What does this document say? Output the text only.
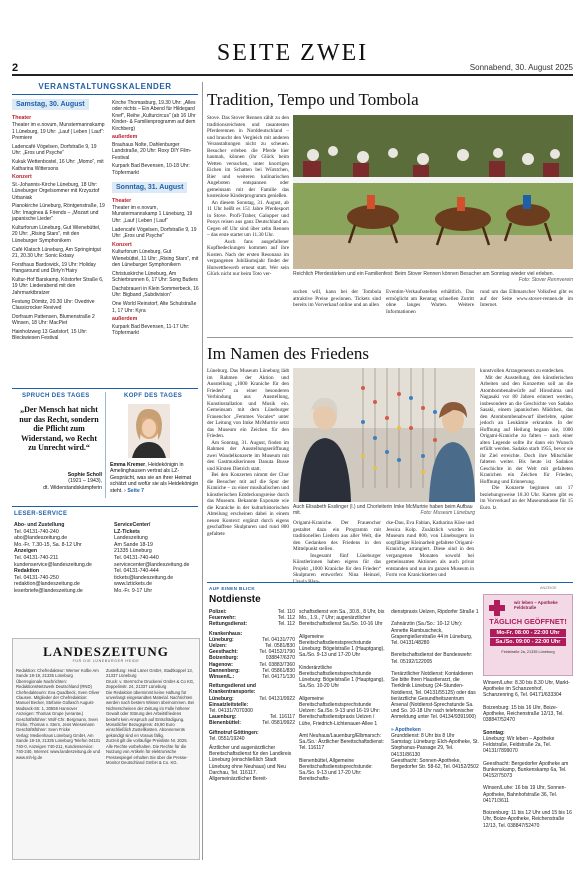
SEITE ZWEI
2	Sonnabend, 30. August 2025
VERANSTALTUNGSKALENDER
Samstag, 30. August
Theater

Theater im e.novum, Munstermannskamp 1 Lüneburg, 19 Uhr: „Lauf | Leben | Lauf“: Premiere

Ladencafé Vögelsen, Dorfstraße 9, 19 Uhr: „Eros und Psyche“

Kukuk Wettenbostel, 16 Uhr: „Momo“, mit Katharina Wittersons

Konzert

St.-Johannis-Kirche Lüneburg, 18 Uhr: Lüneburger Orgelsommer mit Krzysztof Urbaniak

Pianokirche Lüneburg, Röntgenstraße, 19 Uhr: Imaginea & Friends – „Mozart und japanische Lieder“

Kulturforum Lüneburg, Gut Wienebüttel, 20 Uhr: „Rising Stars“, mit den Lüneburger Symphonikern

Café Klatsch Lüneburg, Am Springintgut 21, 20.30 Uhr: Sonic Extasy

Forsthaus Bardowick, 19 Uhr: Holiday Hangaround und Dirty'n'Hairy

Kultur-Hof Barskamp, Köstorfer Straße 6, 19 Uhr: Liederabend mit den Jahrmarktbratzer

Festung Dömitz, 20.30 Uhr: Ovedrive Classicrocker Revived

Dorfraum Pattensen, Blumenstraße 2 Winsen, 18 Uhr: MacPiet

Hainholzweg 13 Garlstorf, 15 Uhr: Bleckwiesen Festival

Kirche Thomasburg, 19.30 Uhr: „Alles oder nichts – Ein Abend für Hildegard Knef“, Reihe „Kulturcircus“ (ab 16 Uhr Kinder- & Familienprogramm auf dem Kirchberg)

außerdem

Brauhaus Nolte, Dahlenburger Landstraße, 20 Uhr: Roxy DIY Film-Festival

Kurpark Bad Bevensen, 10-18 Uhr: Töpfermarkt

Sonntag, 31. August
Theater

Theater im e.novum, Munstermannskamp 1 Lüneburg, 19 Uhr: „Lauf | Leben | Lauf“

Ladencafé Vögelsen, Dorfstraße 9, 19 Uhr: „Eros und Psyche“

Konzert

Kulturforum Lüneburg, Gut Wienebüttel, 11 Uhr: „Rising Stars“, mit den Lüneburger Symphonikern

Christuskirche Lüneburg, Am Schierbrunnen 6, 17 Uhr: Song Butlers

Dachsbraueri in Klein Sommerbeck, 16 Uhr: Bigband „Subdivision“

One World Reinstorf, Alte Schulstraße 1, 17 Uhr: Kyra

außerdem

Kurpark Bad Bevensen, 11-17 Uhr: Töpfermarkt

SPRUCH DES TAGES
„Der Mensch hat nicht nur das Recht, sondern die Pflicht zum Widerstand, wo Recht zu Unrecht wird.“
Sophie Scholl
(1921 – 1943),
dt. Widerstandskämpferin
KOPF DES TAGES
Emma Kremer, Heidekönigin in Amelinghausen vertrat als LZ-Gesprächt, was sie an ihrer Heimat schätzt und wofür sie als Heidekönigin steht. › Seite 7
LESER-SERVICE
Abo- und Zustellung
Tel. 04131-740-240
abo@landeszeitung.de
Mo.-Fr. 7.30-15, Sa. 8-12 Uhr
Anzeigen
Tel. 04131-740-211
kundenservice@landeszeitung.de
Redaktion
Tel. 04131-740-250
redaktion@landeszeitung.de
leserbriefe@landeszeitung.de
ServiceCenter/
LZ-Tickets
Landeszeitung
Am Sande 18-19
21335 Lüneburg
Tel. 04131-740-440
servicecenter@landeszeitung.de
Tel. 04131-740-444
tickets@landeszeitung.de
www.lztickets.de
Mo.-Fr. 9-17 Uhr
LANDESZEITUNG
FÜR DIE LÜNEBURGER HEIDE
Redaktion: Chefredakteur: Werner Kolbe Am Sande 18-19, 21335 Lüneburg
Überregionale Nachrichten: RedaktionsNetzwerk Deutschland (RND) Chefredakteurin: Eva Quadbeck, Sven Oliver Clausen. Mitglieder der Chefredaktion: Manuel Becker, Stefanie Gollasch August-Madsack-Str. 1, 30559 Hannover
Anzeigen: Thomas Grupe (verantw.)
Geschäftsführer: Wolf-Chr. Bergmann, Sven Fricke, Thomas v. Stern, Jens Wiesemann
Geschäftsführer: Sven Fricke
Verlag: Medienhaus Lüneburg GmbH, Am Sande 18-19, 21335 Lüneburg Telefon 04131 740-0, Anzeigen 740-211, Kundenservice: 740-240, Internet: www.landeszeitung.de und www.mh-lg.de
Zustellung: Heid Lüner GmbH, Stadtkoppel 13, 21337 Lüneburg
Druck: v. Stern'sche Druckerei GmbH & Co KG, Zeppelinstr. 24, 21337 Lüneburg
Die Redaktion übernimmt keine Haftung für unverlangt eingesandtes Material. Nachrichten werden nach bestem Wissen übernommen. Bei Nichterscheinen der Zeitung im Falle höherer Gewalt oder Störung des Arbeitsfriedens besteht kein Anspruch auf Entschädigung.
Monatlicher Bezugspreis: 49,90 Euro einschließlich Zustellkosten. Abonnements gekündigt sind en Voraus fällig.
Zurzeit gilt die vorläufige Preisliste Nr. 2025.
Alle Rechte vorbehalten. Die Rechte für die Nutzung von Artikeln für elektronische Pressespiegel erhalten Sie über die Presse-Monitor Deutschland GmbH & Co. KG.
Tradition, Tempo und Tombola
Stove. Das Stover Rennen zählt zu den traditionsreichsten und rasantesten Pferderennen in Norddeutschland – und braucht den Vergleich mit anderen Veranstaltungen nicht zu scheuen. Besucher erleben die Pferde hier hautnah, können (ihr Glück beim Wetten versuchen, unter knorrigen Eichen im Schatten bei Würstchen, Bier und weiteren kulinarischen Angeboten entspannen oder gemeinsam mit der Familie das kostenlose Kinderprogramm genießen.
An diesem Sonntag, 31. August, ab 11 Uhr heißt es 151 Jahre Pferdesport in Stove. Profi-Traber, Galopper und Ponys reisen aus ganz Deutschland an. Gegen elf Uhr sind über zehn Rennen – das erste startet um 11.30 Uhr.
Auch fans ausgefallener Kopfbedeckungen kommen auf ihre Kosten. Nach der ersten Resonanz im vergangenen Jubiläumsjahr findet der Hutwettbewerb erneut statt. Wer sein Glück nicht nur beim Toto ver-	Reichlich Pferdestärken und ein Familienfest: Beim Stover Rennen können Besucher am Sonntag wieder viel erleben.
Foto: Stover Rennverein
suchen will, kann bei der Tombola attraktive Preise gewinnen. Tickets sind bereits im Vorverkauf online und an allen
Eventim-Verkaufsstellen erhältlich. Das ermöglicht am Renntag schnellen Zutritt ohne langes Warten. Weitere Informationen
rund um das Elbmarscher Volksfest gibt es auf der Seite www.stover-rennen.de im Internet.
Im Namen des Friedens
Lüneburg. Das Museum Lüneburg lädt im Rahmen der Aktion und Ausstellung „1000 Kraniche für den Frieden“ zu einer besonderen Verbindung aus Ausstellung, Kunstinstallation und Musik ein. Gemeinsam mit dem Lüneburger Frauenchor „Femmes Vocales“ unter der Leitung von Imke McMurtrie setzt das Museum ein Zeichen für den Frieden.
Am Sonntag, 31. August, finden im Rahmen der Ausstellungseröffnung zwei Wandelkonzerte im Museum mit den Gastmusikerinnen Danuta Busse und Kirsten Dietrich statt.
Bei den Konzerten nimmt der Chor die Besucher mit auf die Spur der Kraniche – zu einer musikalischen und künstlerischen Entdeckungsreise durch das Museum. Bekannte Exponate wie die Kraniche in der kulturhistorischen Abteilung erscheinen dabei in einem neuen Kontext: ergänzt durch eigens geschaffene Skulpturen und rund 800 gefaltete
Auch Elisabeth Esslinger (l.) und Chorleiterin Imke McMurtrie haben beim Aufbau mit.	Foto: Museum Lüneburg
Origami-Kraniche. Der Frauenchor gestaltet dazu ein Programm mit traditionellen Liedern aus aller Welt, die den Gedanken des Friedens in den Mittelpunkt stellen.
Insgesamt fünf Lüneburger Künstlerinnen haben eigens für das Projekt „1000 Kraniche für den Frieden“ Skulpturen entworfen: Nina Heinzel, Ursula Blan-
cke-Dau, Eva Fabian, Katharina Küse und Jessica Kolp. Zusätzlich wurden im Museum rund 800, von Lüneburgern in sorgfältiger Kleinarbeit gefaltete Origami-Kraniche, arrangiert. Diese sind in den vergangenen Monaten sowohl bei gemeinsamen Aktionen als auch privat entstanden und nun im ganzen Museum in Form von Kranichketten und
kunstvollen Arrangements zu entdecken.
Mit der Ausstellung, den künstlerischen Arbeiten und den Konzerten soll an die Atombombenabwürfe auf Hiroshima und Nagasaki vor 80 Jahren erinnert werden, insbesondere an die Geschichte von Sadako Sasaki, einem japanischen Mädchen, das den Atombombenabwurf überlebte, später jedoch an Leukämie erkrankte. In der Hoffnung auf Heilung begann sie, 1000 Origami-Kraniche zu falten – nach einer alten Legende sollte ihr dann ein Wunsch erfüllt werden. Sadako starb 1955, bevor sie ihr Ziel erreichte. Doch ihre Mitschüler falteten weiter. Bis heute ist Sadakos Geschichte in der Welt mit gefalteten Kranichen ein Zeichen für Frieden, Hoffnung und Erinnerung.
Die Konzerte beginnen um 17 beziehungsweise 18.30 Uhr. Karten gibt es im Vorverkauf an der Museumskasse für 15 Euro. lz
AUF EINEN BLICK
Notdienste
Polizei:	Tel. 110
Feuerwehr:	Tel. 112
Rettungsdienst:	Tel. 112
Krankenhaus:
Lüneburg:	Tel. 04131/770
Uelzen:	Tel. 0581/830
Geesthacht:	Tel. 04152/1790
Boizenburg:	038847/6370
Hagenow:	Tel. 03883/7360
Dannenberg:	Tel. 05861/830
Winsen/L.:	Tel. 04171/130
Rettungsdienst und Krankentransporte:
Lüneburg:	Tel. 04131/9922
Einsatzleitstelle:
Tel. 04131/7070300
Lauenburg:	Tel. 116117
Bienenbüttel:	Tel. 0581/9922
Giftnotruf Göttingen:
Tel. 0551/19240
Ärztlicher und augenärztlicher Bereitschaftsdienst für den Landkreis Lüneburg (einschließlich Stadt Lüneburg ohne Neuhaus) und Neu Darchau, Tel. 116117. Allgemeinärztlicher Bereit-

schaftsdienst von Sa., 30.8., 8 Uhr, bis Mo., 1.9., 7 Uhr; augenärztlicher Bereitschaftsdienst Sa./So. 10-16 Uhr

Allgemeine Bereitschaftsdienstsprechstunde Lüneburg: Bögelstraße 1 (Hauptgang), Sa./So. 9-13 und 17-20 Uhr

Kinderärztliche Bereitschaftsdienstsprechstunde Lüneburg: Bögelstraße 1 (Hauptgang), Sa./So. 10-20 Uhr

Allgemeine Bereitschaftsdienstsprechstunde Uelzen: Sa./So. 9-13 und 16-19 Uhr: Bereitschaftsdienstpraxis Uelzen / Lühe, Friedrich-Lichtenauer-Allee 1

Amt Neuhaus/Lauenburg/Elbmarsch: Sa./So.: Ärztlicher Bereitschaftsdienst: Tel. 116117

Bienenbüttel, Allgemeine Bereitschaftsdienstsprechstunde: Sa./So. 9-13 und 17-20 Uhr: Bereitschafts-

dienstpraxis Uelzen, Ripdorfer Straße 1

Zahnärztin (Sa./So.: 10-12 Uhr): Annette Rambuscheck, Grapengießerstraße 44 in Lüneburg, Tel. 04131/48280

Bereitschaftsdienst der Bundeswehr: Tel. 05192/122005

Tierärztlicher Notdienst: Kontaktieren Sie bitte Ihren Haustierarzt, die Tierklinik Lüneburg (24-Stunden-Notdienst, Tel. 04131/55125) oder das tierärztliche Gesundheitszentrum Arsenal (Notdienst-Sprechstunde Sa. und So. 10-18 Uhr nach telefonischer Anmeldung unter Tel. 04134/9391900)

» Apotheken

Grunddienst: 8 Uhr bis 8 Uhr

Samstag: Lüneburg: Elch-Apotheke, St. Stephanus-Passage 29, Tel. 04131/86130

Geesthacht: Sonnen-Apotheke, Bergedorfer Str. 58-62, Tel. 04152/2502

ANZEIGE
wir leben – Apotheke Feldstraße
TÄGLICH GEÖFFNET!
Mo-Fr. 08:00 - 22:00 Uhr
Sa./So. 09:00 - 22:00 Uhr
Feldstraße 2a, 21335 Lüneburg

Winsen/Luhe: 8.30 bis 8.30 Uhr, Markt-Apotheke im Schanzenhof, Schanzenring 6, Tel. 04171/633304

Boizenburg: 15 bis 16 Uhr, Boize-Apotheke, Reichenstraße 12/13, Tel. 038847/52470

Sonntag:

Lüneburg: Wir leben – Apotheke Feldstraße, Feldstraße 2a, Tel. 04131/7899070

Geesthacht: Bergedorfer Apotheke am Bunkenskamp, Bunkenskamp 6a, Tel. 04152/75073

Winsen/Luhe: 16 bis 19 Uhr, Sonnen-Apotheke, Bahnhofstraße 36, Tel. 04171/3611

Boizenburg: 11 bis 12 Uhr und 15 bis 16 Uhr, Boize-Apotheke, Reichenstraße 12/13, Tel. 038847/52470
